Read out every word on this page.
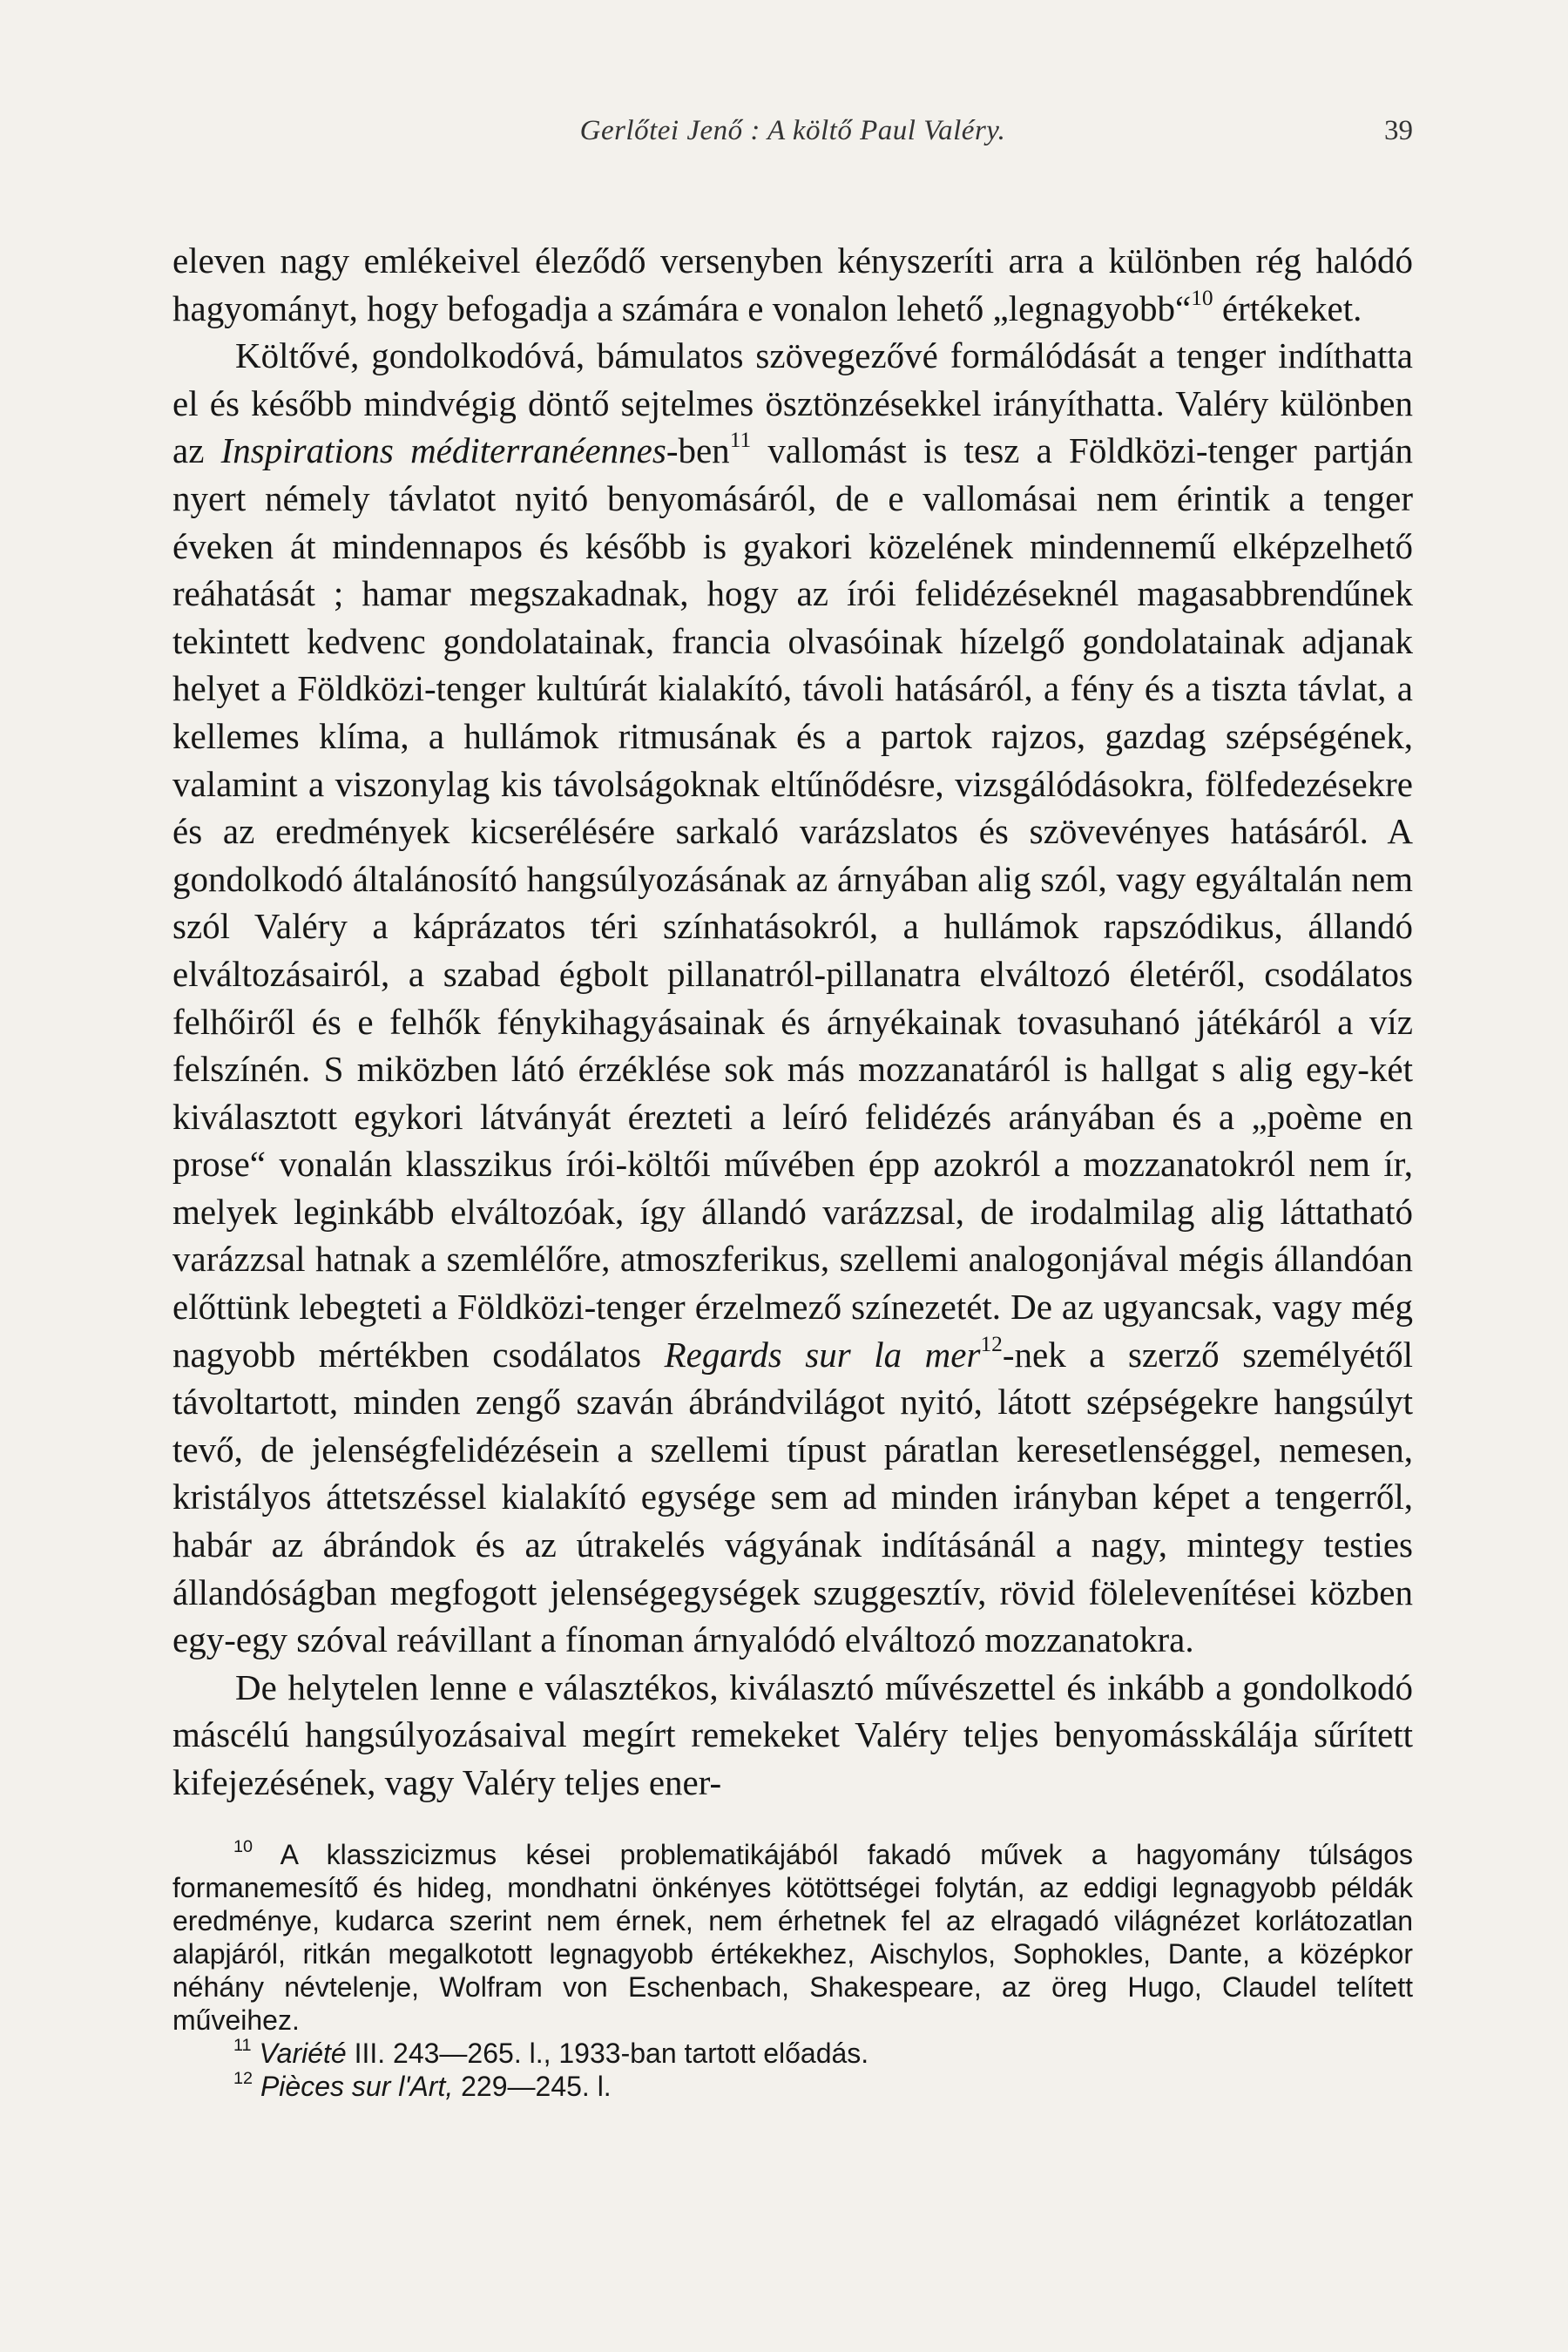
Gerlőtei Jenő : A költő Paul Valéry.	39

eleven nagy emlékeivel éleződő versenyben kényszeríti arra a különben rég halódó hagyományt, hogy befogadja a számára e vonalon lehető „legnagyobb“$^{10}$ értékeket.

Költővé, gondolkodóvá, bámulatos szövegezővé formálódását a tenger indíthatta el és később mindvégig döntő sejtelmes ösztönzésekkel irányíthatta. Valéry különben az Inspirations méditerranéennes-ben$^{11}$ vallomást is tesz a Földközi-tenger partján nyert némely távlatot nyitó benyomásáról, de e vallomásai nem érintik a tenger éveken át mindennapos és később is gyakori közelének mindennemű elképzelhető reáhatását ; hamar megszakadnak, hogy az írói felidézéseknél magasabbrendűnek tekintett kedvenc gondolatainak, francia olvasóinak hízelgő gondolatainak adjanak helyet a Földközi-tenger kultúrát kialakító, távoli hatásáról, a fény és a tiszta távlat, a kellemes klíma, a hullámok ritmusának és a partok rajzos, gazdag szépségének, valamint a viszonylag kis távolságoknak eltűnődésre, vizsgálódásokra, fölfedezésekre és az eredmények kicserélésére sarkaló varázslatos és szövevényes hatásáról. A gondolkodó általánosító hangsúlyozásának az árnyában alig szól, vagy egyáltalán nem szól Valéry a káprázatos téri színhatásokról, a hullámok rapszódikus, állandó elváltozásairól, a szabad égbolt pillanatról-pillanatra elváltozó életéről, csodálatos felhőiről és e felhők fénykihagyásainak és árnyékainak tovasuhanó játékáról a víz felszínén. S miközben látó érzéklése sok más mozzanatáról is hallgat s alig egy-két kiválasztott egykori látványát érezteti a leíró felidézés arányában és a „poème en prose“ vonalán klasszikus írói-költői művében épp azokról a mozzanatokról nem ír, melyek leginkább elváltozóak, így állandó varázzsal, de irodalmilag alig láttatható varázzsal hatnak a szemlélőre, atmoszferikus, szellemi analogonjával mégis állandóan előttünk lebegteti a Földközi-tenger érzelmező színezetét. De az ugyancsak, vagy még nagyobb mértékben csodálatos Regards sur la mer$^{12}$-nek a szerző személyétől távoltartott, minden zengő szaván ábrándvilágot nyitó, látott szépségekre hangsúlyt tevő, de jelenségfelidézésein a szellemi típust páratlan keresetlenséggel, nemesen, kristályos áttetszéssel kialakító egysége sem ad minden irányban képet a tengerről, habár az ábrándok és az útrakelés vágyának indításánál a nagy, mintegy testies állandóságban megfogott jelenségegységek szuggesztív, rövid fölelevenítései közben egy-egy szóval reávillant a fínoman árnyalódó elváltozó mozzanatokra.

De helytelen lenne e választékos, kiválasztó művészettel és inkább a gondolkodó máscélú hangsúlyozásaival megírt remekeket Valéry teljes benyomásskálája sűrített kifejezésének, vagy Valéry teljes ener-

$^{10}$ A klasszicizmus kései problematikájából fakadó művek a hagyomány túlságos formanemesítő és hideg, mondhatni önkényes kötöttségei folytán, az eddigi legnagyobb példák eredménye, kudarca szerint nem érnek, nem érhetnek fel az elragadó világnézet korlátozatlan alapjáról, ritkán megalkotott legnagyobb értékekhez, Aischylos, Sophokles, Dante, a középkor néhány névtelenje, Wolfram von Eschenbach, Shakespeare, az öreg Hugo, Claudel telített műveihez.

$^{11}$ Variété III. 243—265. l., 1933-ban tartott előadás.

$^{12}$ Pièces sur l'Art, 229—245. l.
